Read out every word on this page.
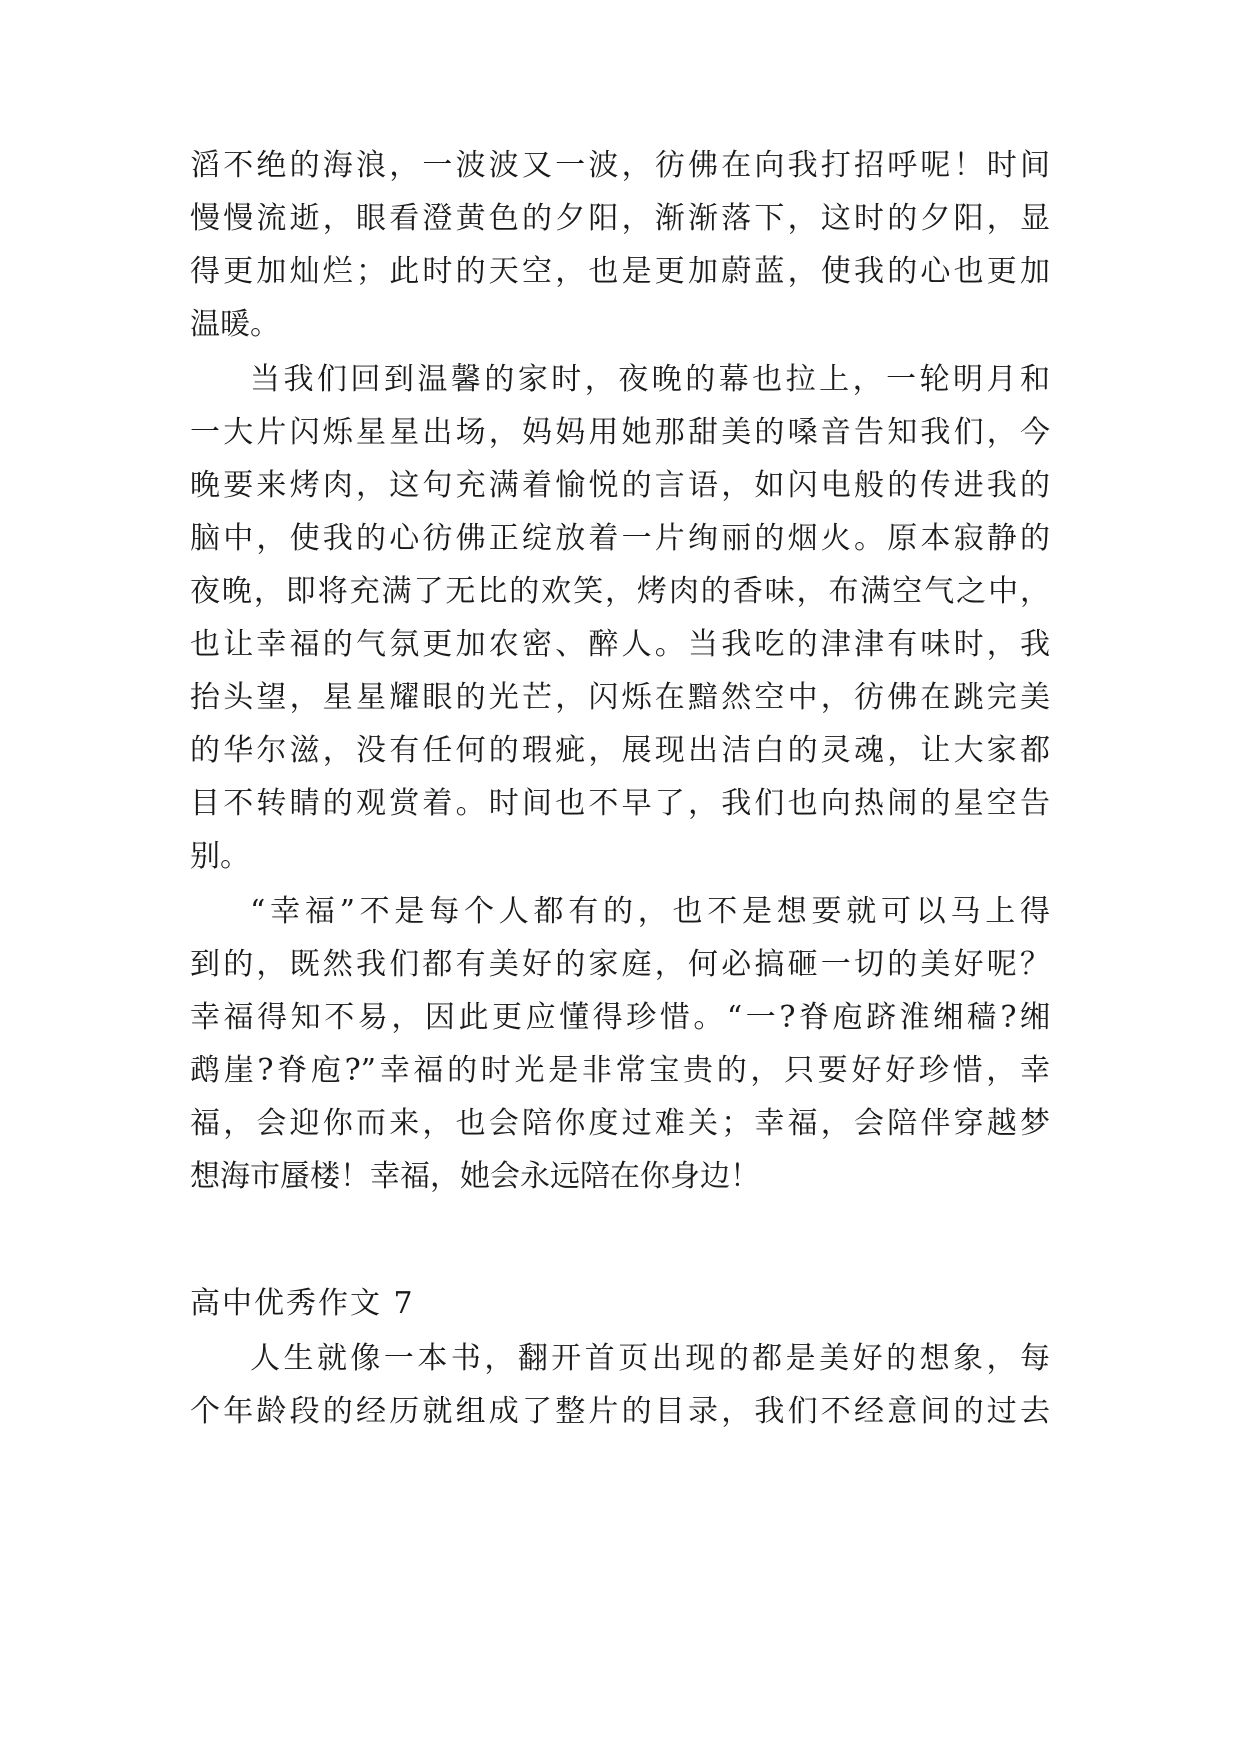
滔不绝的海浪，一波波又一波，彷佛在向我打招呼呢！时间
慢慢流逝，眼看澄黄色的夕阳，渐渐落下，这时的夕阳，显
得更加灿烂；此时的天空，也是更加蔚蓝，使我的心也更加
温暖。
当我们回到温馨的家时，夜晚的幕也拉上，一轮明月和
一大片闪烁星星出场，妈妈用她那甜美的嗓音告知我们，今
晚要来烤肉，这句充满着愉悦的言语，如闪电般的传进我的
脑中，使我的心彷佛正绽放着一片绚丽的烟火。原本寂静的
夜晚，即将充满了无比的欢笑，烤肉的香味，布满空气之中，
也让幸福的气氛更加农密、醉人。当我吃的津津有味时，我
抬头望，星星耀眼的光芒，闪烁在黯然空中，彷佛在跳完美
的华尔滋，没有任何的瑕疵，展现出洁白的灵魂，让大家都
目不转睛的观赏着。时间也不早了，我们也向热闹的星空告
别。
“幸福”不是每个人都有的，也不是想要就可以马上得
到的，既然我们都有美好的家庭，何必搞砸一切的美好呢？
幸福得知不易，因此更应懂得珍惜。“一?脊庖跻淮缃穑?缃
鹉崖?脊庖?”幸福的时光是非常宝贵的，只要好好珍惜，幸
福，会迎你而来，也会陪你度过难关；幸福，会陪伴穿越梦
想海市蜃楼！幸福，她会永远陪在你身边！
高中优秀作文 7
人生就像一本书，翻开首页出现的都是美好的想象，每
个年龄段的经历就组成了整片的目录，我们不经意间的过去
